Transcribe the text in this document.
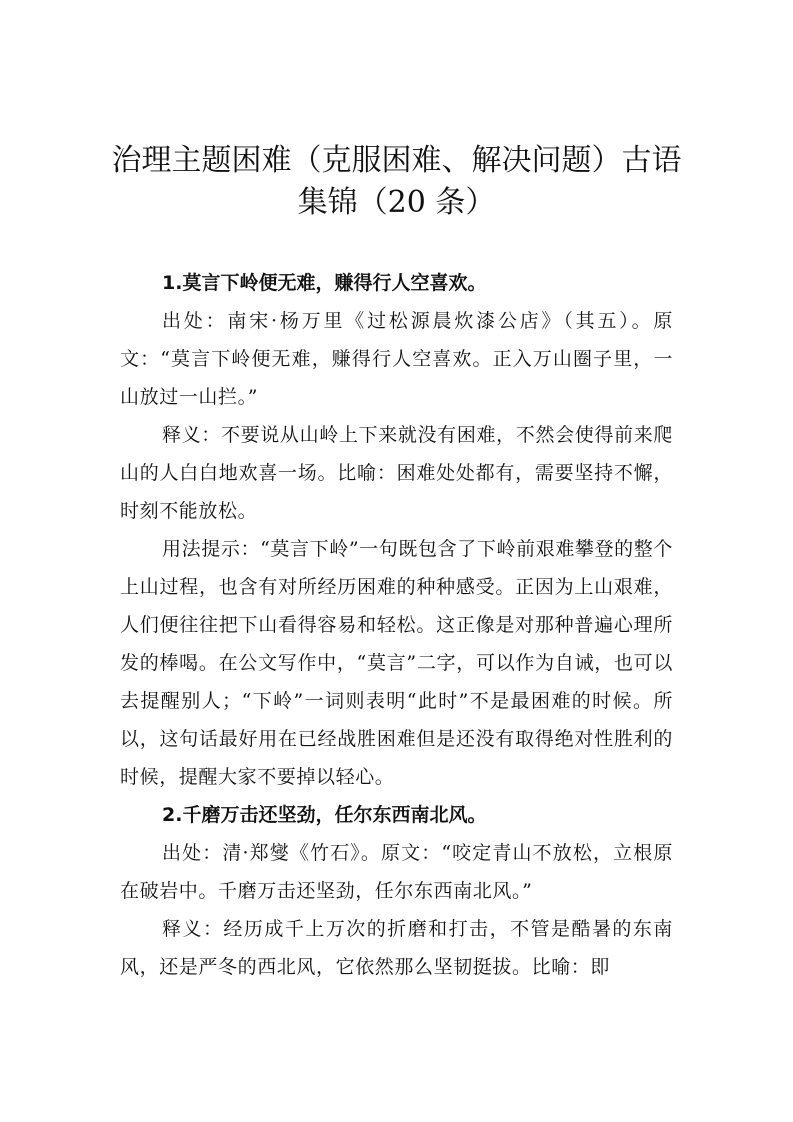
治理主题困难（克服困难、解决问题）古语
集锦（20 条）

1.莫言下岭便无难，赚得行人空喜欢。

出处：南宋·杨万里《过松源晨炊漆公店》（其五）。原文：“莫言下岭便无难，赚得行人空喜欢。正入万山圈子里，一山放过一山拦。”

释义：不要说从山岭上下来就没有困难，不然会使得前来爬山的人白白地欢喜一场。比喻：困难处处都有，需要坚持不懈，时刻不能放松。

用法提示：“莫言下岭”一句既包含了下岭前艰难攀登的整个上山过程，也含有对所经历困难的种种感受。正因为上山艰难，人们便往往把下山看得容易和轻松。这正像是对那种普遍心理所发的棒喝。在公文写作中，“莫言”二字，可以作为自诫，也可以去提醒别人；“下岭”一词则表明“此时”不是最困难的时候。所以，这句话最好用在已经战胜困难但是还没有取得绝对性胜利的时候，提醒大家不要掉以轻心。

2.千磨万击还坚劲，任尔东西南北风。

出处：清·郑燮《竹石》。原文：“咬定青山不放松，立根原在破岩中。千磨万击还坚劲，任尔东西南北风。”

释义：经历成千上万次的折磨和打击，不管是酷暑的东南风，还是严冬的西北风，它依然那么坚韧挺拔。比喻：即
